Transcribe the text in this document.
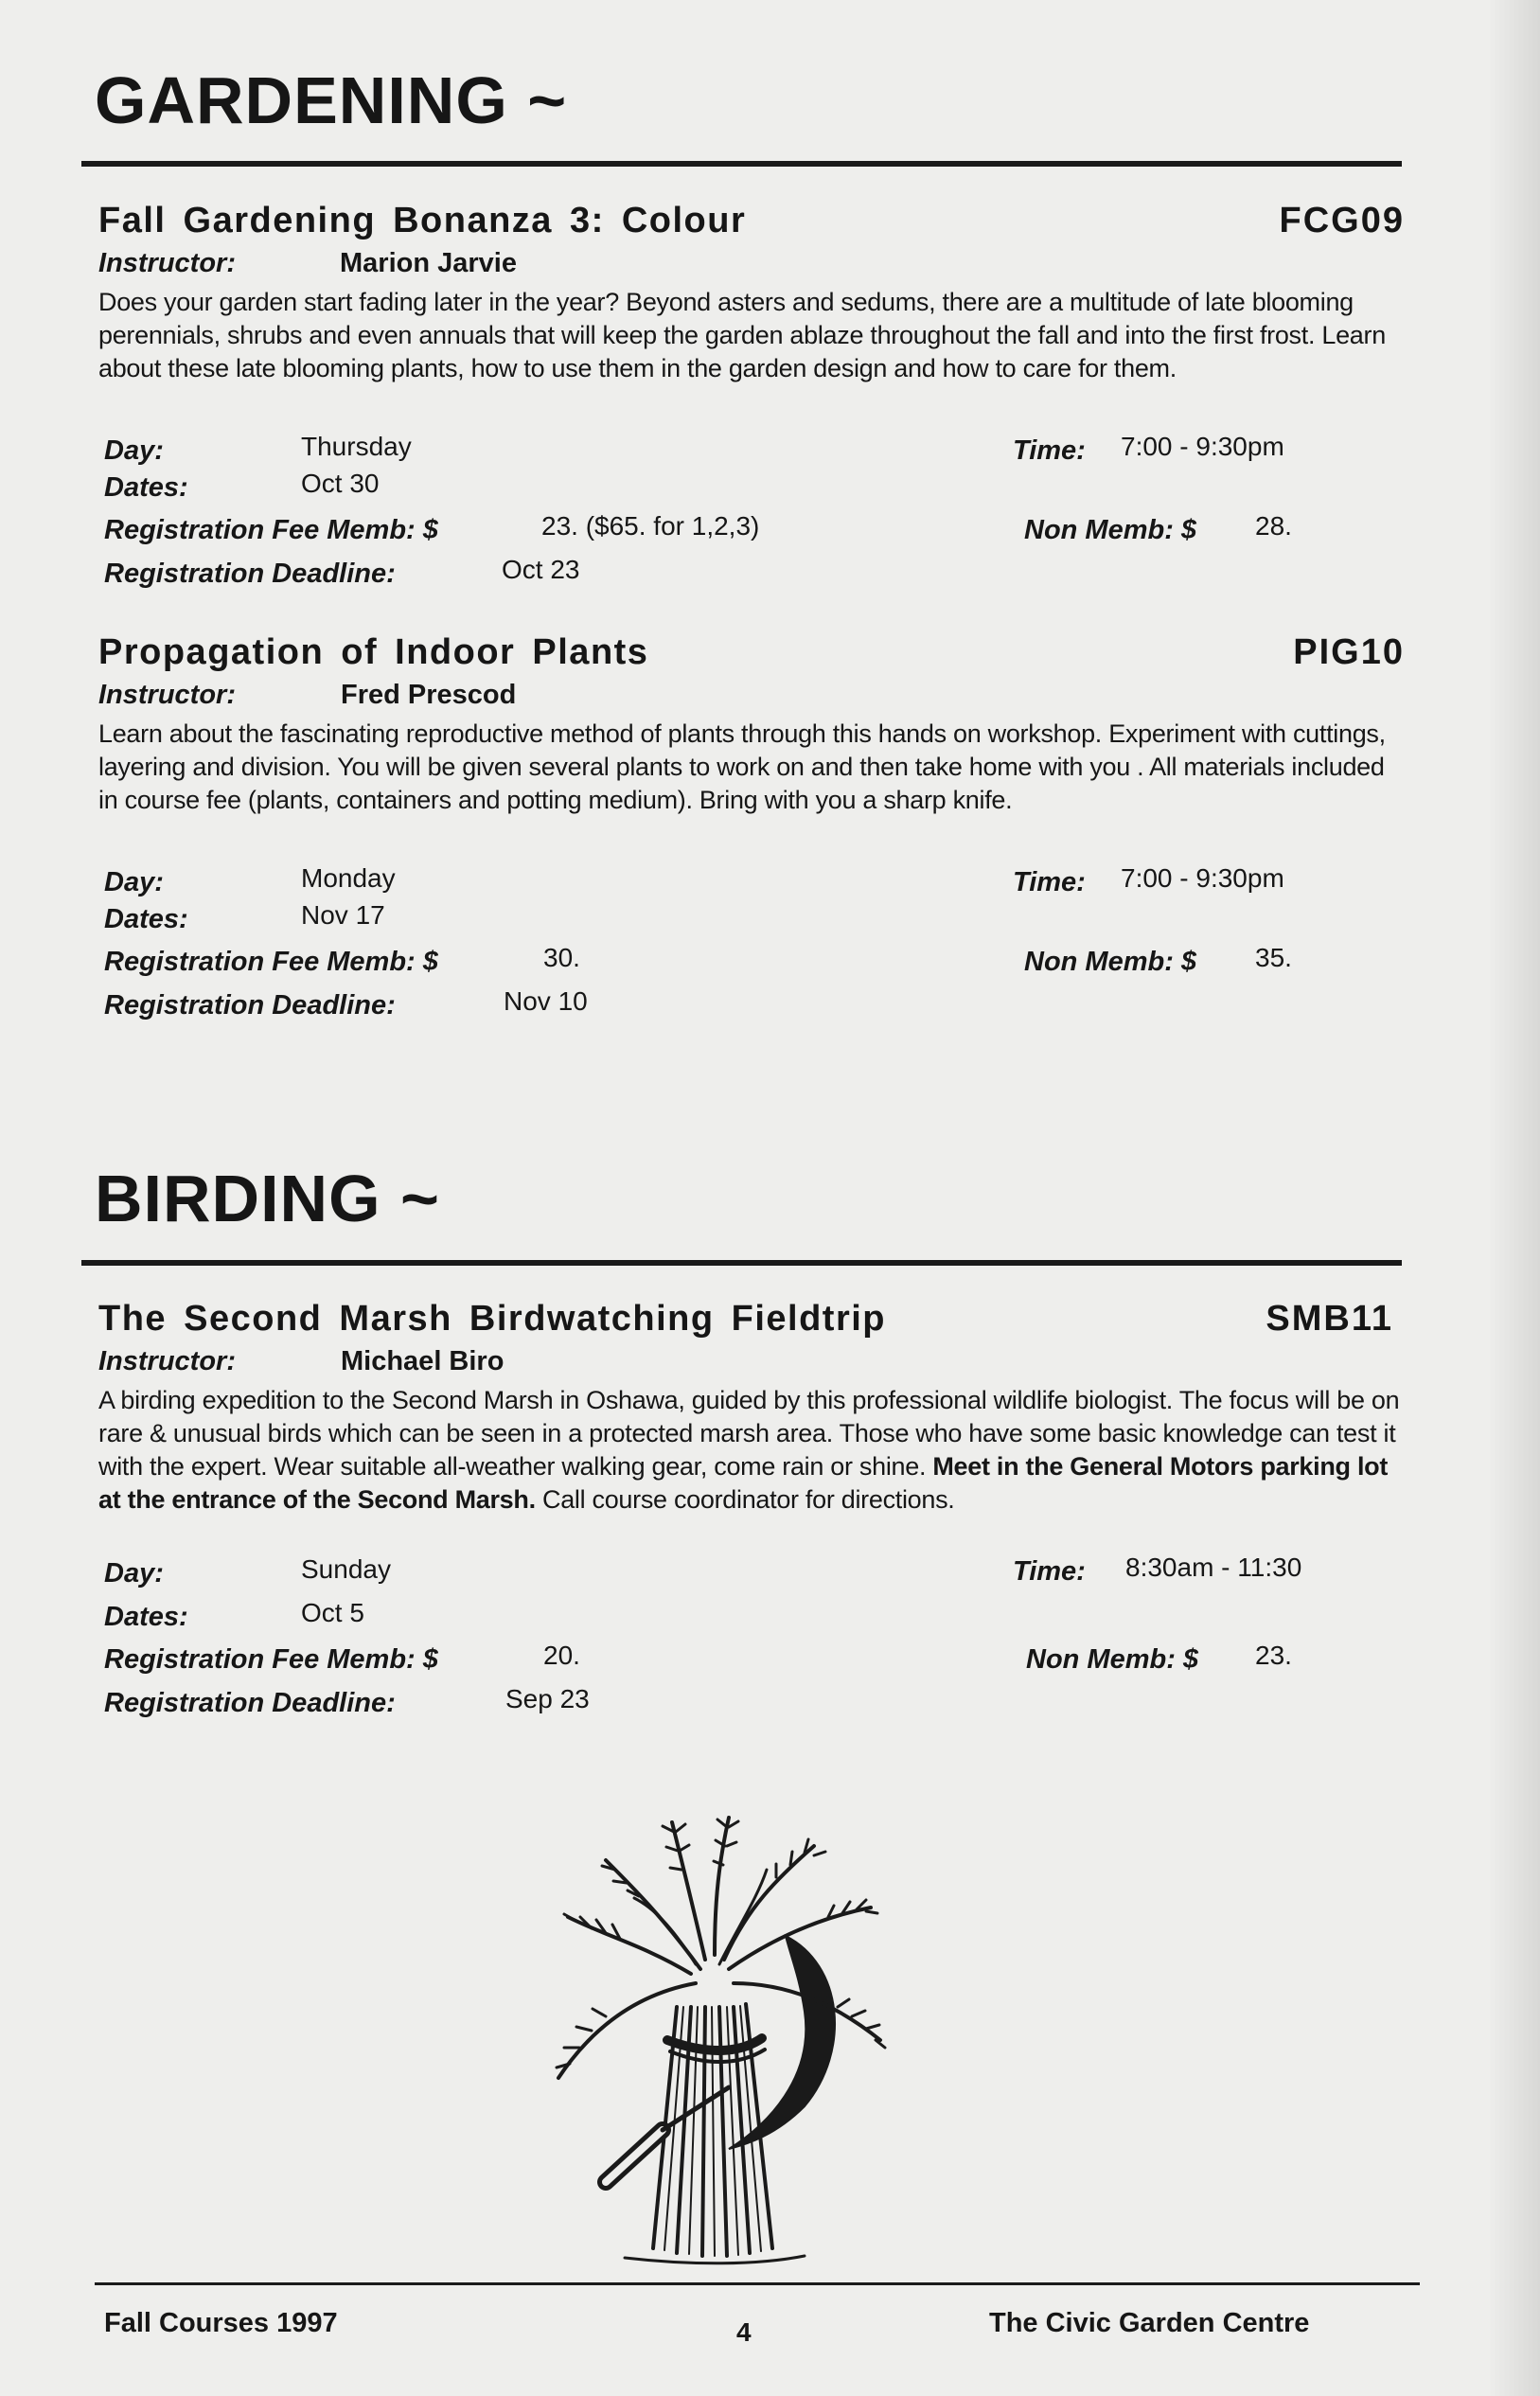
GARDENING ~
Fall Gardening Bonanza 3: Colour	FCG09
Instructor:	Marion Jarvie

Does your garden start fading later in the year? Beyond asters and sedums, there are a multitude of late blooming perennials, shrubs and even annuals that will keep the garden ablaze throughout the fall and into the first frost. Learn about these late blooming plants, how to use them in the garden design and how to care for them.

Day:	Thursday	Time: 7:00 - 9:30pm
Dates:	Oct 30
Registration Fee Memb: $	23. ($65. for 1,2,3)	Non Memb: $ 28.
Registration Deadline:	Oct 23
Propagation of Indoor Plants	PIG10
Instructor:	Fred Prescod

Learn about the fascinating reproductive method of plants through this hands on workshop. Experiment with cuttings, layering and division. You will be given several plants to work on and then take home with you . All materials included in course fee (plants, containers and potting medium). Bring with you a sharp knife.

Day:	Monday	Time: 7:00 - 9:30pm
Dates:	Nov 17
Registration Fee Memb: $	30.	Non Memb: $ 35.
Registration Deadline:	Nov 10
BIRDING ~
The Second Marsh Birdwatching Fieldtrip	SMB11
Instructor:	Michael Biro

A birding expedition to the Second Marsh in Oshawa, guided by this professional wildlife biologist. The focus will be on rare & unusual birds which can be seen in a protected marsh area. Those who have some basic knowledge can test it with the expert. Wear suitable all-weather walking gear, come rain or shine. Meet in the General Motors parking lot at the entrance of the Second Marsh. Call course coordinator for directions.

Day:	Sunday	Time: 8:30am - 11:30
Dates:	Oct 5
Registration Fee Memb: $	20.	Non Memb: $ 23.
Registration Deadline:	Sep 23
Fall Courses 1997	4	The Civic Garden Centre
